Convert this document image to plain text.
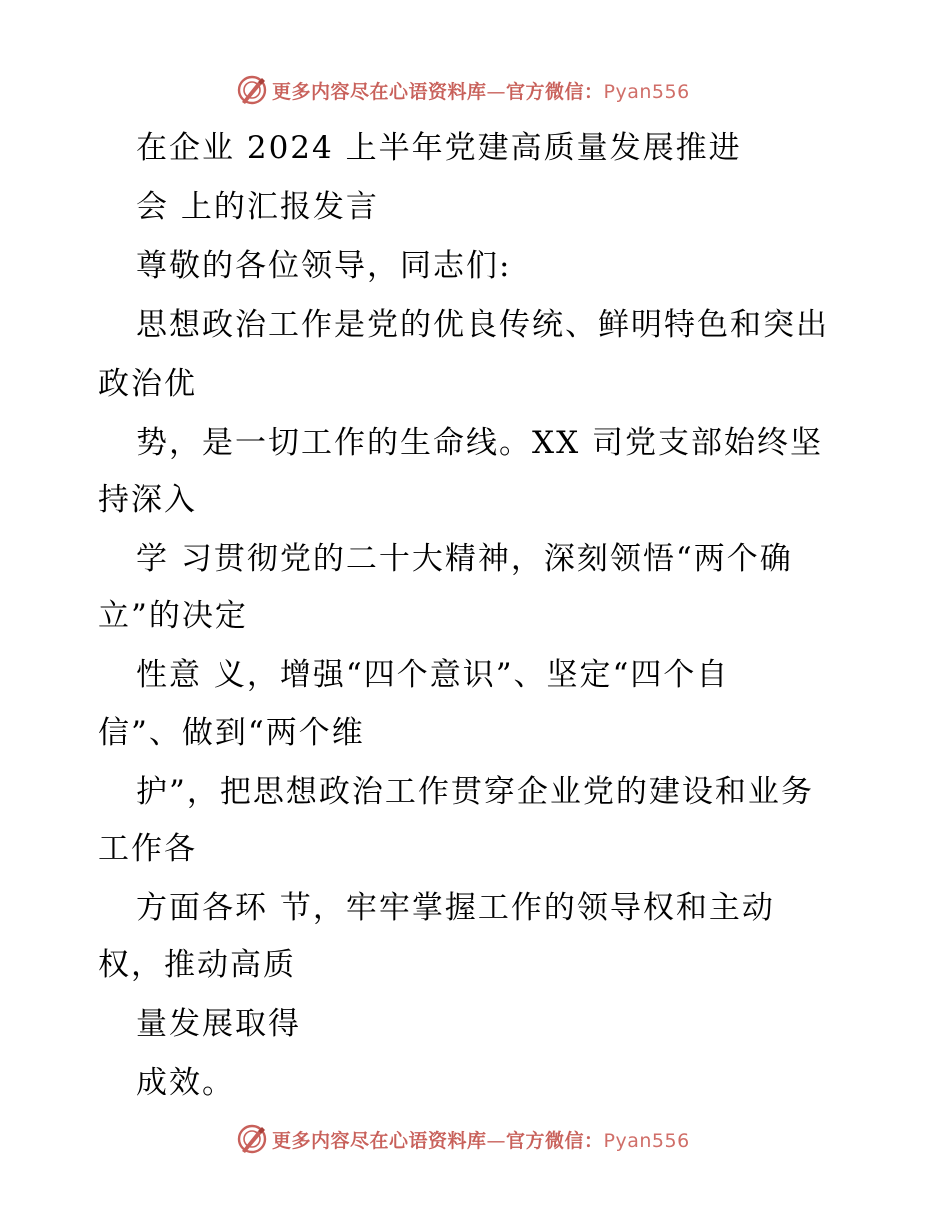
更多内容尽在心语资料库—官方微信：Pyan556
在企业 2024 上半年党建高质量发展推进
会 上的汇报发言
尊敬的各位领导，同志们:
思想政治工作是党的优良传统、鲜明特色和突出
政治优
势，是一切工作的生命线。XX 司党支部始终坚
持深入
学 习贯彻党的二十大精神，深刻领悟“两个确
立”的决定
性意 义，增强“四个意识”、坚定“四个自
信”、做到“两个维
护”，把思想政治工作贯穿企业党的建设和业务
工作各
方面各环 节，牢牢掌握工作的领导权和主动
权，推动高质
量发展取得
成效。
更多内容尽在心语资料库—官方微信：Pyan556
